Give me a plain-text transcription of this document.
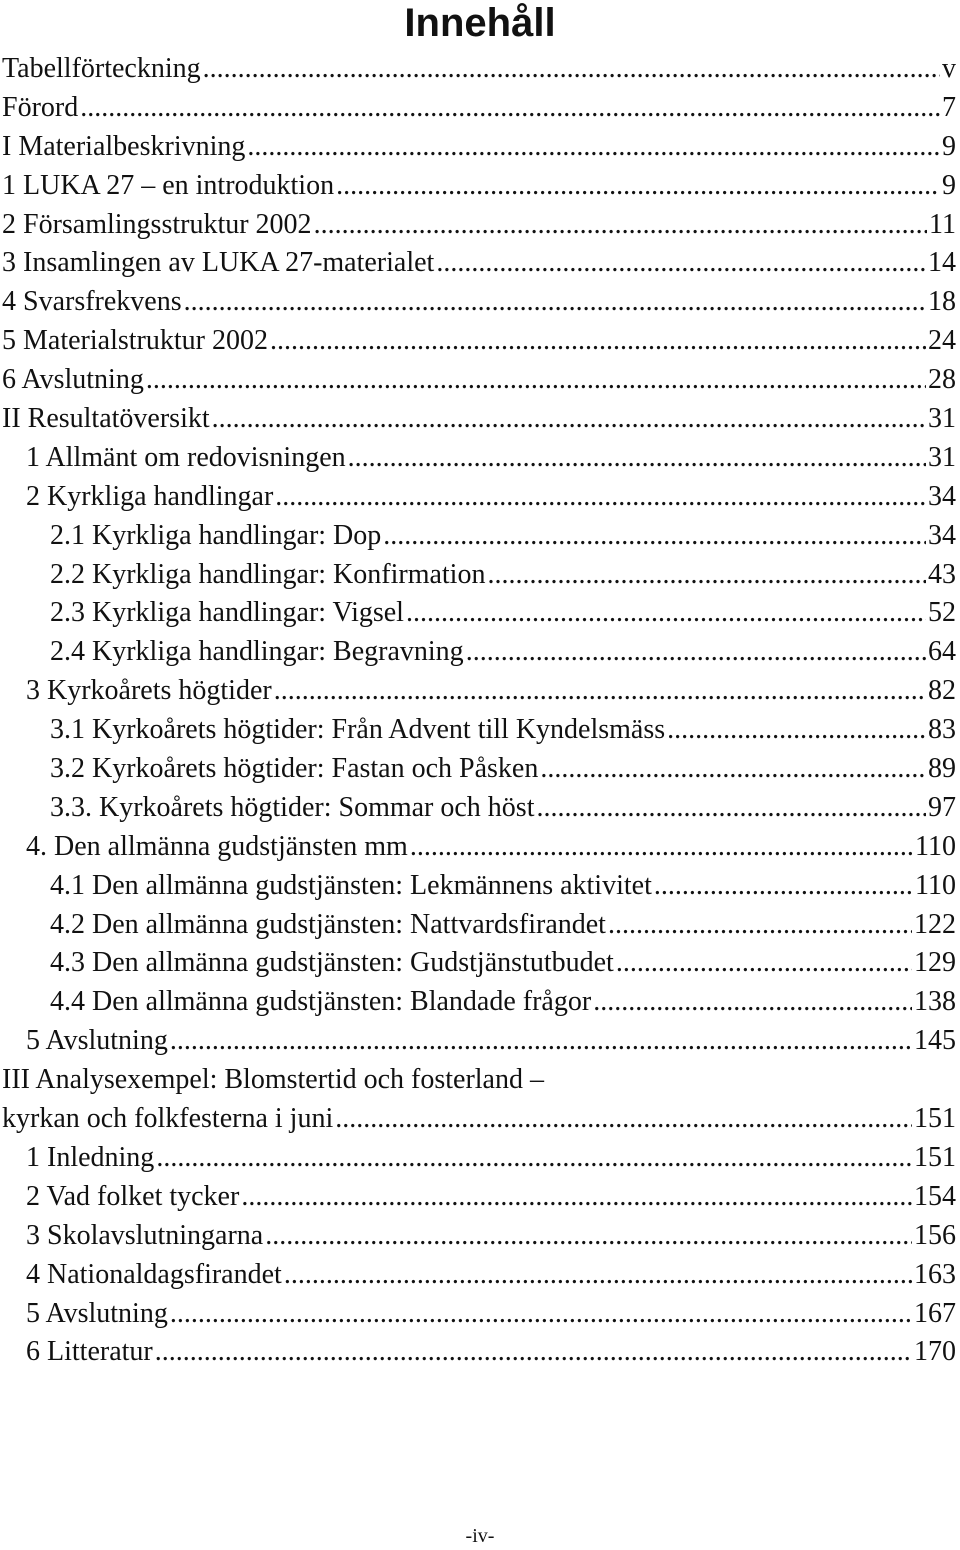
Innehåll
Tabellförteckning .....	v
Förord .....	7
I Materialbeskrivning .....	9
1 LUKA 27 – en introduktion .....	9
2 Församlingsstruktur 2002 .....	11
3 Insamlingen av LUKA 27-materialet .....	14
4 Svarsfrekvens .....	18
5 Materialstruktur 2002 .....	24
6 Avslutning .....	28
II Resultatöversikt .....	31
1 Allmänt om redovisningen .....	31
2 Kyrkliga handlingar .....	34
2.1 Kyrkliga handlingar: Dop .....	34
2.2 Kyrkliga handlingar: Konfirmation .....	43
2.3 Kyrkliga handlingar: Vigsel .....	52
2.4 Kyrkliga handlingar: Begravning .....	64
3 Kyrkoårets högtider .....	82
3.1 Kyrkoårets högtider: Från Advent till Kyndelsmäss .....	83
3.2 Kyrkoårets högtider: Fastan och Påsken .....	89
3.3. Kyrkoårets högtider: Sommar och höst .....	97
4. Den allmänna gudstjänsten mm .....	110
4.1 Den allmänna gudstjänsten: Lekmännens aktivitet .....	110
4.2 Den allmänna gudstjänsten: Nattvardsfirandet .....	122
4.3 Den allmänna gudstjänsten: Gudstjänstutbudet .....	129
4.4 Den allmänna gudstjänsten: Blandade frågor .....	138
5 Avslutning .....	145
III Analysexempel: Blomstertid och fosterland –
kyrkan och folkfesterna i juni .....	151
1 Inledning .....	151
2 Vad folket tycker .....	154
3 Skolavslutningarna .....	156
4 Nationaldagsfirandet .....	163
5 Avslutning .....	167
6 Litteratur .....	170
-iv-
